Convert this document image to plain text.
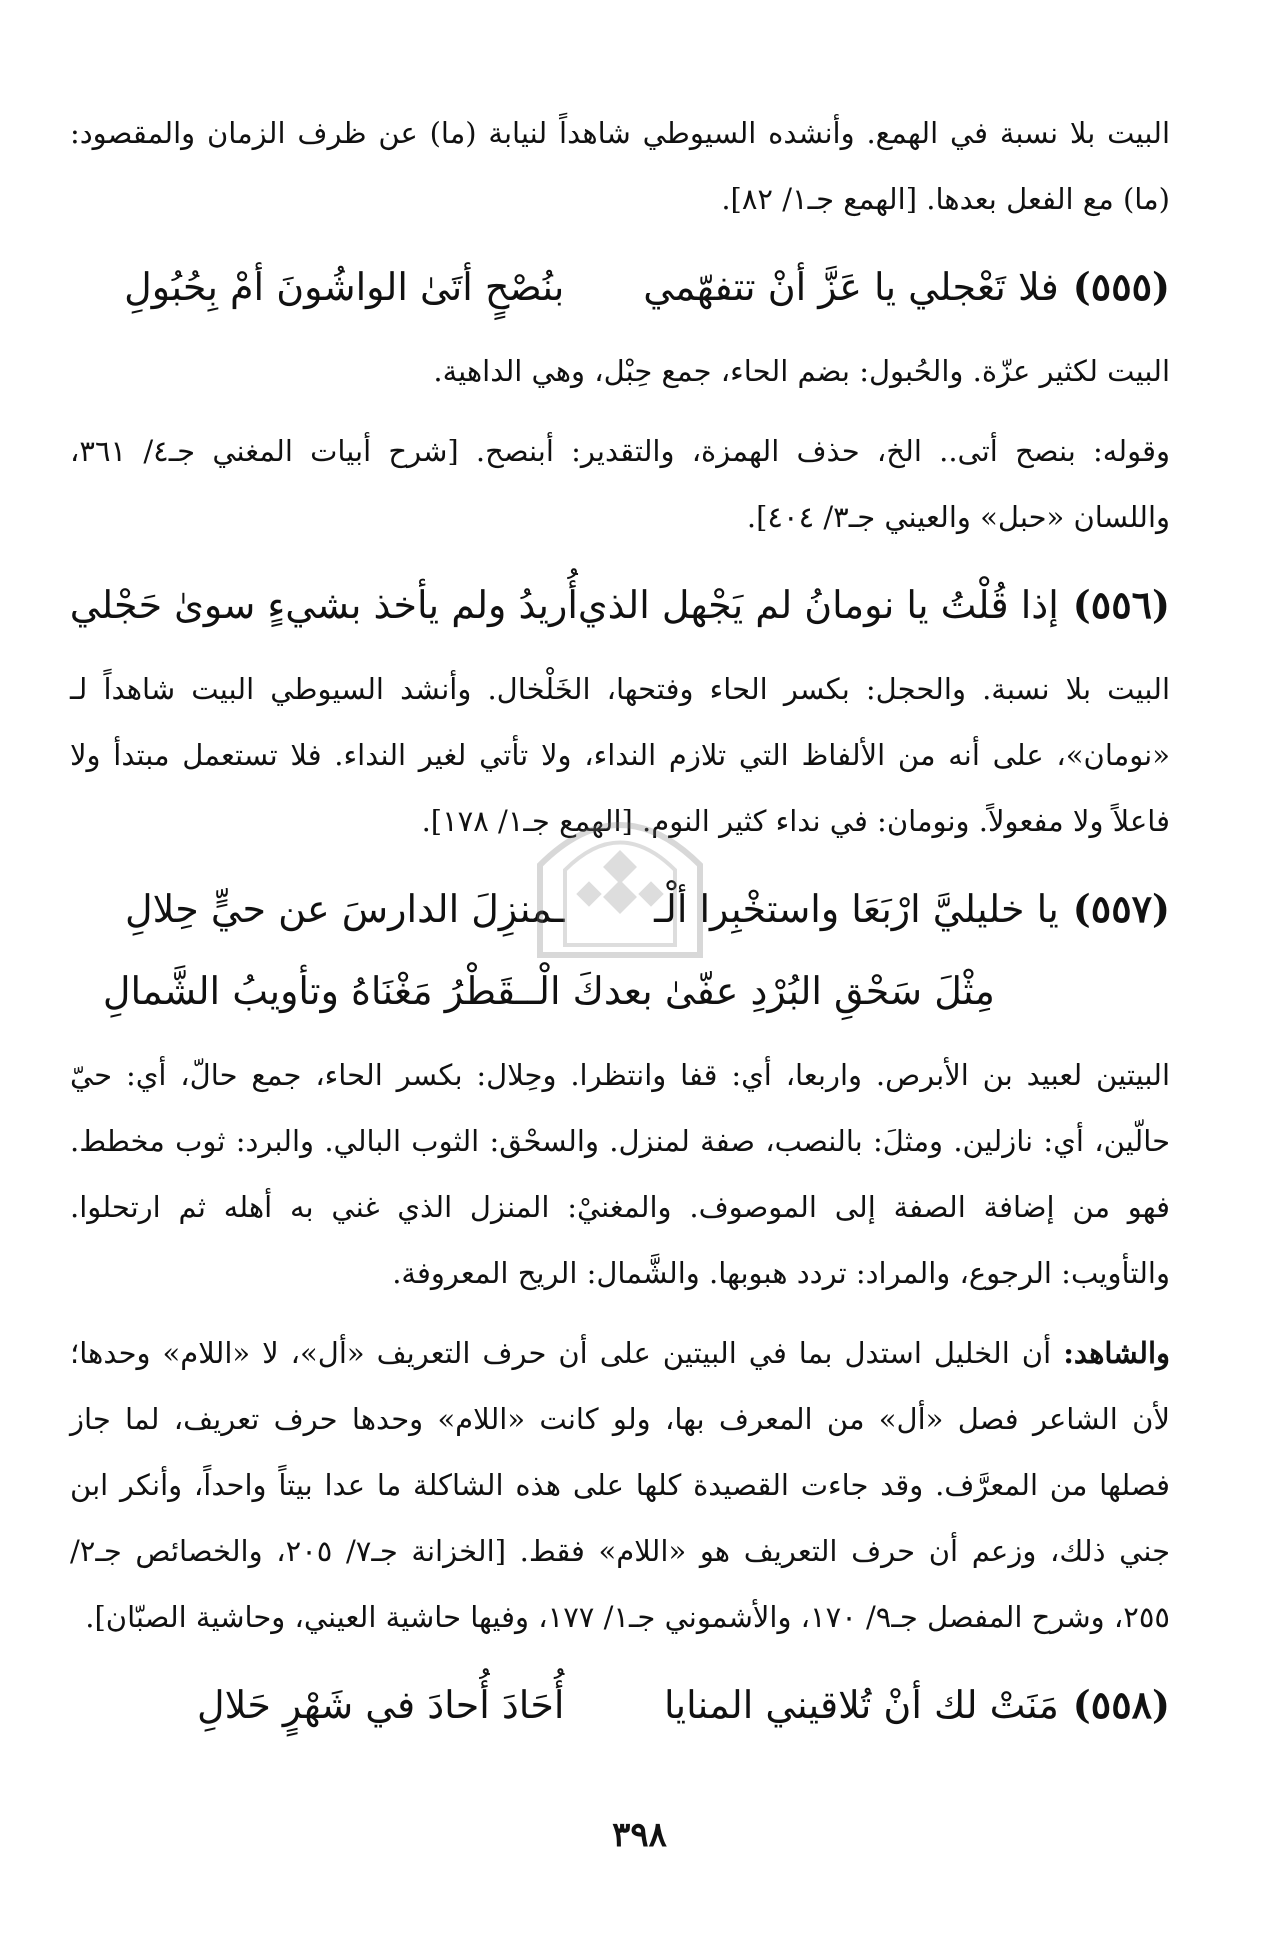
البيت بلا نسبة في الهمع. وأنشده السيوطي شاهداً لنيابة (ما) عن ظرف الزمان والمقصود: (ما) مع الفعل بعدها. [الهمع جـ١/ ٨٢].

(٥٥٥)
فلا تَعْجلي يا عَزَّ أنْ تتفهّمي
بنُصْحٍ أتَىٰ الواشُونَ أمْ بِحُبُولِ

البيت لكثير عزّة. والحُبول: بضم الحاء، جمع حِبْل، وهي الداهية.

وقوله: بنصح أتى.. الخ، حذف الهمزة، والتقدير: أبنصح. [شرح أبيات المغني جـ٤/ ٣٦١، واللسان «حبل» والعيني جـ٣/ ٤٠٤].

(٥٥٦)
إذا قُلْتُ يا نومانُ لم يَجْهل الذي
أُريدُ ولم يأخذ بشيءٍ سوىٰ حَجْلي

البيت بلا نسبة. والحجل: بكسر الحاء وفتحها، الخَلْخال. وأنشد السيوطي البيت شاهداً لـ «نومان»، على أنه من الألفاظ التي تلازم النداء، ولا تأتي لغير النداء. فلا تستعمل مبتدأ ولا فاعلاً ولا مفعولاً. ونومان: في نداء كثير النوم. [الهمع جـ١/ ١٧٨].

(٥٥٧)
يا خليليَّ ارْبَعَا واستخْبِرا ألْـ
ـمنزِلَ الدارسَ عن حيٍّ حِلالِ
مِثْلَ سَحْقِ البُرْدِ عفّىٰ بعدكَ الْـ
ـقَطْرُ مَغْنَاهُ وتأويبُ الشَّمالِ

البيتين لعبيد بن الأبرص. واربعا، أي: قفا وانتظرا. وحِلال: بكسر الحاء، جمع حالّ، أي: حيّ حالّين، أي: نازلين. ومثلَ: بالنصب، صفة لمنزل. والسحْق: الثوب البالي. والبرد: ثوب مخطط. فهو من إضافة الصفة إلى الموصوف. والمغنيْ: المنزل الذي غني به أهله ثم ارتحلوا. والتأويب: الرجوع، والمراد: تردد هبوبها. والشَّمال: الريح المعروفة.

والشاهد: أن الخليل استدل بما في البيتين على أن حرف التعريف «أل»، لا «اللام» وحدها؛ لأن الشاعر فصل «أل» من المعرف بها، ولو كانت «اللام» وحدها حرف تعريف، لما جاز فصلها من المعرَّف. وقد جاءت القصيدة كلها على هذه الشاكلة ما عدا بيتاً واحداً، وأنكر ابن جني ذلك، وزعم أن حرف التعريف هو «اللام» فقط. [الخزانة جـ٧/ ٢٠٥، والخصائص جـ٢/ ٢٥٥، وشرح المفصل جـ٩/ ١٧٠، والأشموني جـ١/ ١٧٧، وفيها حاشية العيني، وحاشية الصبّان].

(٥٥٨)
مَنَتْ لك أنْ تُلاقيني المنايا
أُحَادَ أُحادَ في شَهْرٍ حَلالِ
٣٩٨
